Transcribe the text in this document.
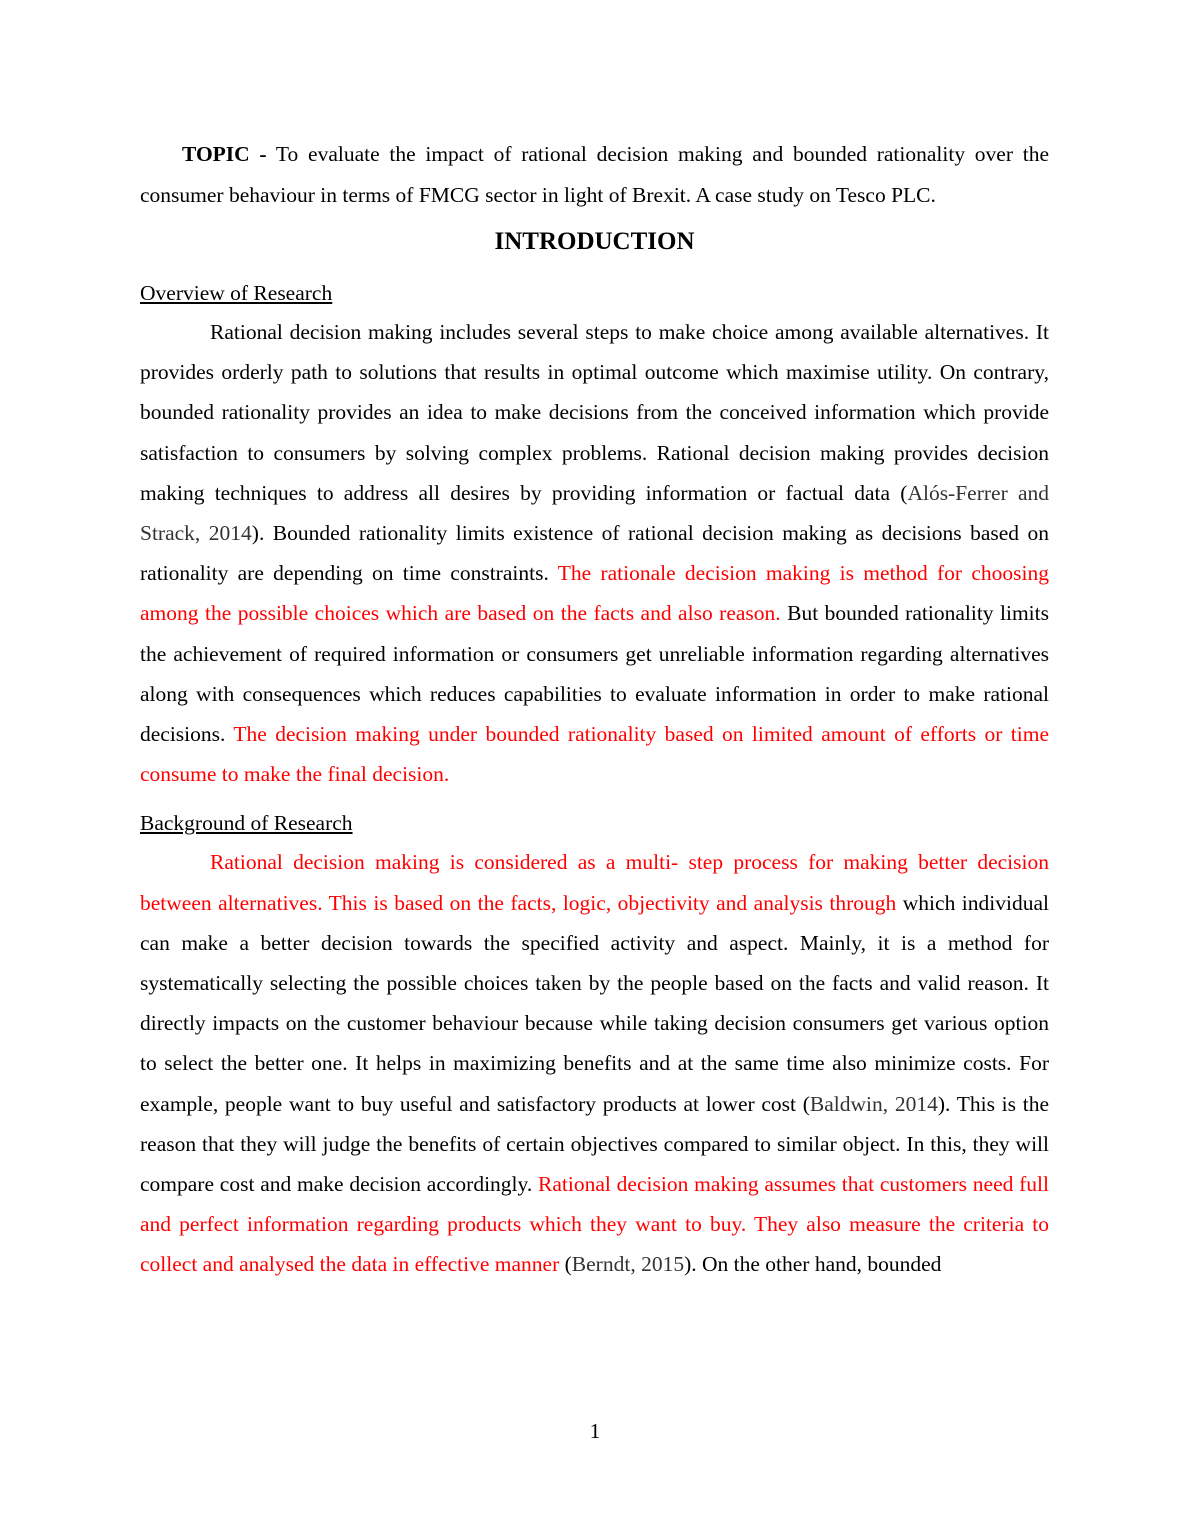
TOPIC - To evaluate the impact of rational decision making and bounded rationality over the consumer behaviour in terms of FMCG sector in light of Brexit. A case study on Tesco PLC.

INTRODUCTION
Overview of Research

Rational decision making includes several steps to make choice among available alternatives. It provides orderly path to solutions that results in optimal outcome which maximise utility. On contrary, bounded rationality provides an idea to make decisions from the conceived information which provide satisfaction to consumers by solving complex problems. Rational decision making provides decision making techniques to address all desires by providing information or factual data (Alós-Ferrer and Strack, 2014). Bounded rationality limits existence of rational decision making as decisions based on rationality are depending on time constraints. The rationale decision making is method for choosing among the possible choices which are based on the facts and also reason. But bounded rationality limits the achievement of required information or consumers get unreliable information regarding alternatives along with consequences which reduces capabilities to evaluate information in order to make rational decisions. The decision making under bounded rationality based on limited amount of efforts or time consume to make the final decision.

Background of Research

Rational decision making is considered as a multi- step process for making better decision between alternatives. This is based on the facts, logic, objectivity and analysis through which individual can make a better decision towards the specified activity and aspect. Mainly, it is a method for systematically selecting the possible choices taken by the people based on the facts and valid reason. It directly impacts on the customer behaviour because while taking decision consumers get various option to select the better one. It helps in maximizing benefits and at the same time also minimize costs. For example, people want to buy useful and satisfactory products at lower cost (Baldwin, 2014). This is the reason that they will judge the benefits of certain objectives compared to similar object. In this, they will compare cost and make decision accordingly. Rational decision making assumes that customers need full and perfect information regarding products which they want to buy. They also measure the criteria to collect and analysed the data in effective manner (Berndt, 2015). On the other hand, bounded

1
